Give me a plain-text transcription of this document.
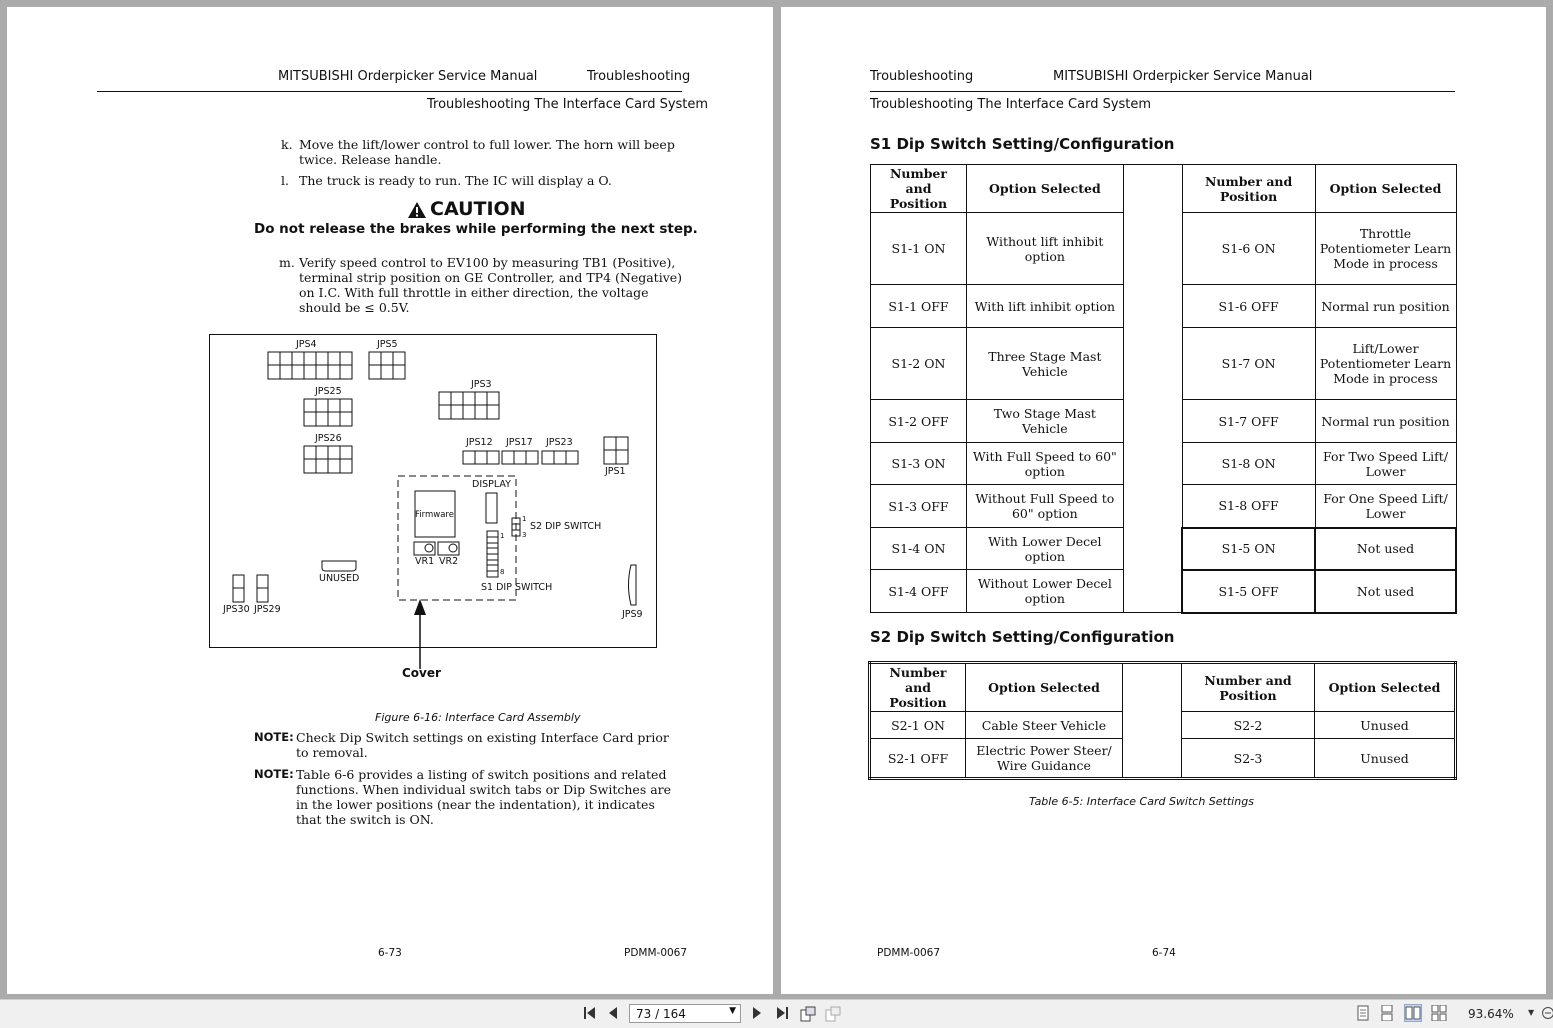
MITSUBISHI Orderpicker Service Manual	Troubleshooting
Troubleshooting The Interface Card System
k. Move the lift/lower control to full lower. The horn will beep twice. Release handle.
l. The truck is ready to run. The IC will display a O.
CAUTION
Do not release the brakes while performing the next step.
m. Verify speed control to EV100 by measuring TB1 (Positive), terminal strip position on GE Controller, and TP4 (Negative) on I.C. With full throttle in either direction, the voltage should be ≤ 0.5V.
JPS4	JPS5
JPS25
JPS3
JPS26	JPS12 JPS17 JPS23
JPS1
DISPLAY
Firmware
VR1 VR2
1
3
S2 DIP SWITCH
1
8
S1 DIP SWITCH
UNUSED
JPS30 JPS29	JPS9
Cover
Figure 6-16: Interface Card Assembly
NOTE: Check Dip Switch settings on existing Interface Card prior to removal.
NOTE: Table 6-6 provides a listing of switch positions and related functions. When individual switch tabs or Dip Switches are in the lower positions (near the indentation), it indicates that the switch is ON.
6-73	PDMM-0067
Troubleshooting	MITSUBISHI Orderpicker Service Manual
Troubleshooting The Interface Card System
S1 Dip Switch Setting/Configuration
Number and Position	Option Selected		Number and Position	Option Selected
S1-1 ON	Without lift inhibit option		S1-6 ON	Throttle Potentiometer Learn Mode in process
S1-1 OFF	With lift inhibit option		S1-6 OFF	Normal run position
S1-2 ON	Three Stage Mast Vehicle		S1-7 ON	Lift/Lower Potentiometer Learn Mode in process
S1-2 OFF	Two Stage Mast Vehicle		S1-7 OFF	Normal run position
S1-3 ON	With Full Speed to 60" option		S1-8 ON	For Two Speed Lift/ Lower
S1-3 OFF	Without Full Speed to 60" option		S1-8 OFF	For One Speed Lift/ Lower
S1-4 ON	With Lower Decel option		S1-5 ON	Not used
S1-4 OFF	Without Lower Decel option		S1-5 OFF	Not used
S2 Dip Switch Setting/Configuration
Number and Position	Option Selected		Number and Position	Option Selected
S2-1 ON	Cable Steer Vehicle		S2-2	Unused
S2-1 OFF	Electric Power Steer/ Wire Guidance		S2-3	Unused
Table 6-5: Interface Card Switch Settings
PDMM-0067	6-74
73 / 164	▼	93.64% ▼
